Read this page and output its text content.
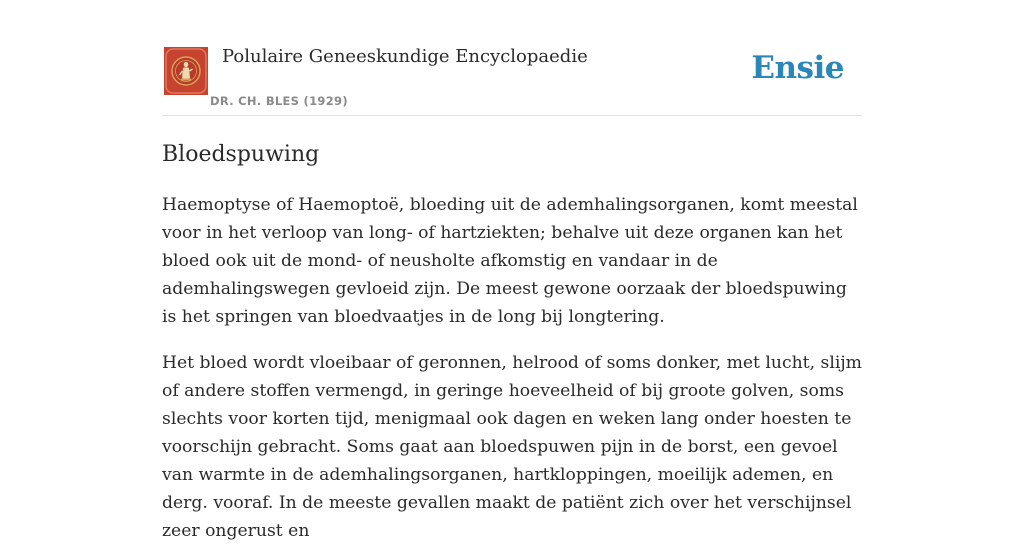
Polulaire Geneeskundige Encyclopaedie
DR. CH. BLES (1929)
Ensie
Bloedspuwing

Haemoptyse of Haemoptoë, bloeding uit de ademhalingsorganen, komt meestal voor in het verloop van long- of hartziekten; behalve uit deze organen kan het bloed ook uit de mond- of neusholte afkomstig en vandaar in de ademhalingswegen gevloeid zijn. De meest gewone oorzaak der bloedspuwing is het springen van bloedvaatjes in de long bij longtering.

Het bloed wordt vloeibaar of geronnen, helrood of soms donker, met lucht, slijm of andere stoffen vermengd, in geringe hoeveelheid of bij groote golven, soms slechts voor korten tijd, menigmaal ook dagen en weken lang onder hoesten te voorschijn gebracht. Soms gaat aan bloedspuwen pijn in de borst, een gevoel van warmte in de ademhalingsorganen, hartkloppingen, moeilijk ademen, en derg. vooraf. In de meeste gevallen maakt de patiënt zich over het verschijnsel zeer ongerust en
